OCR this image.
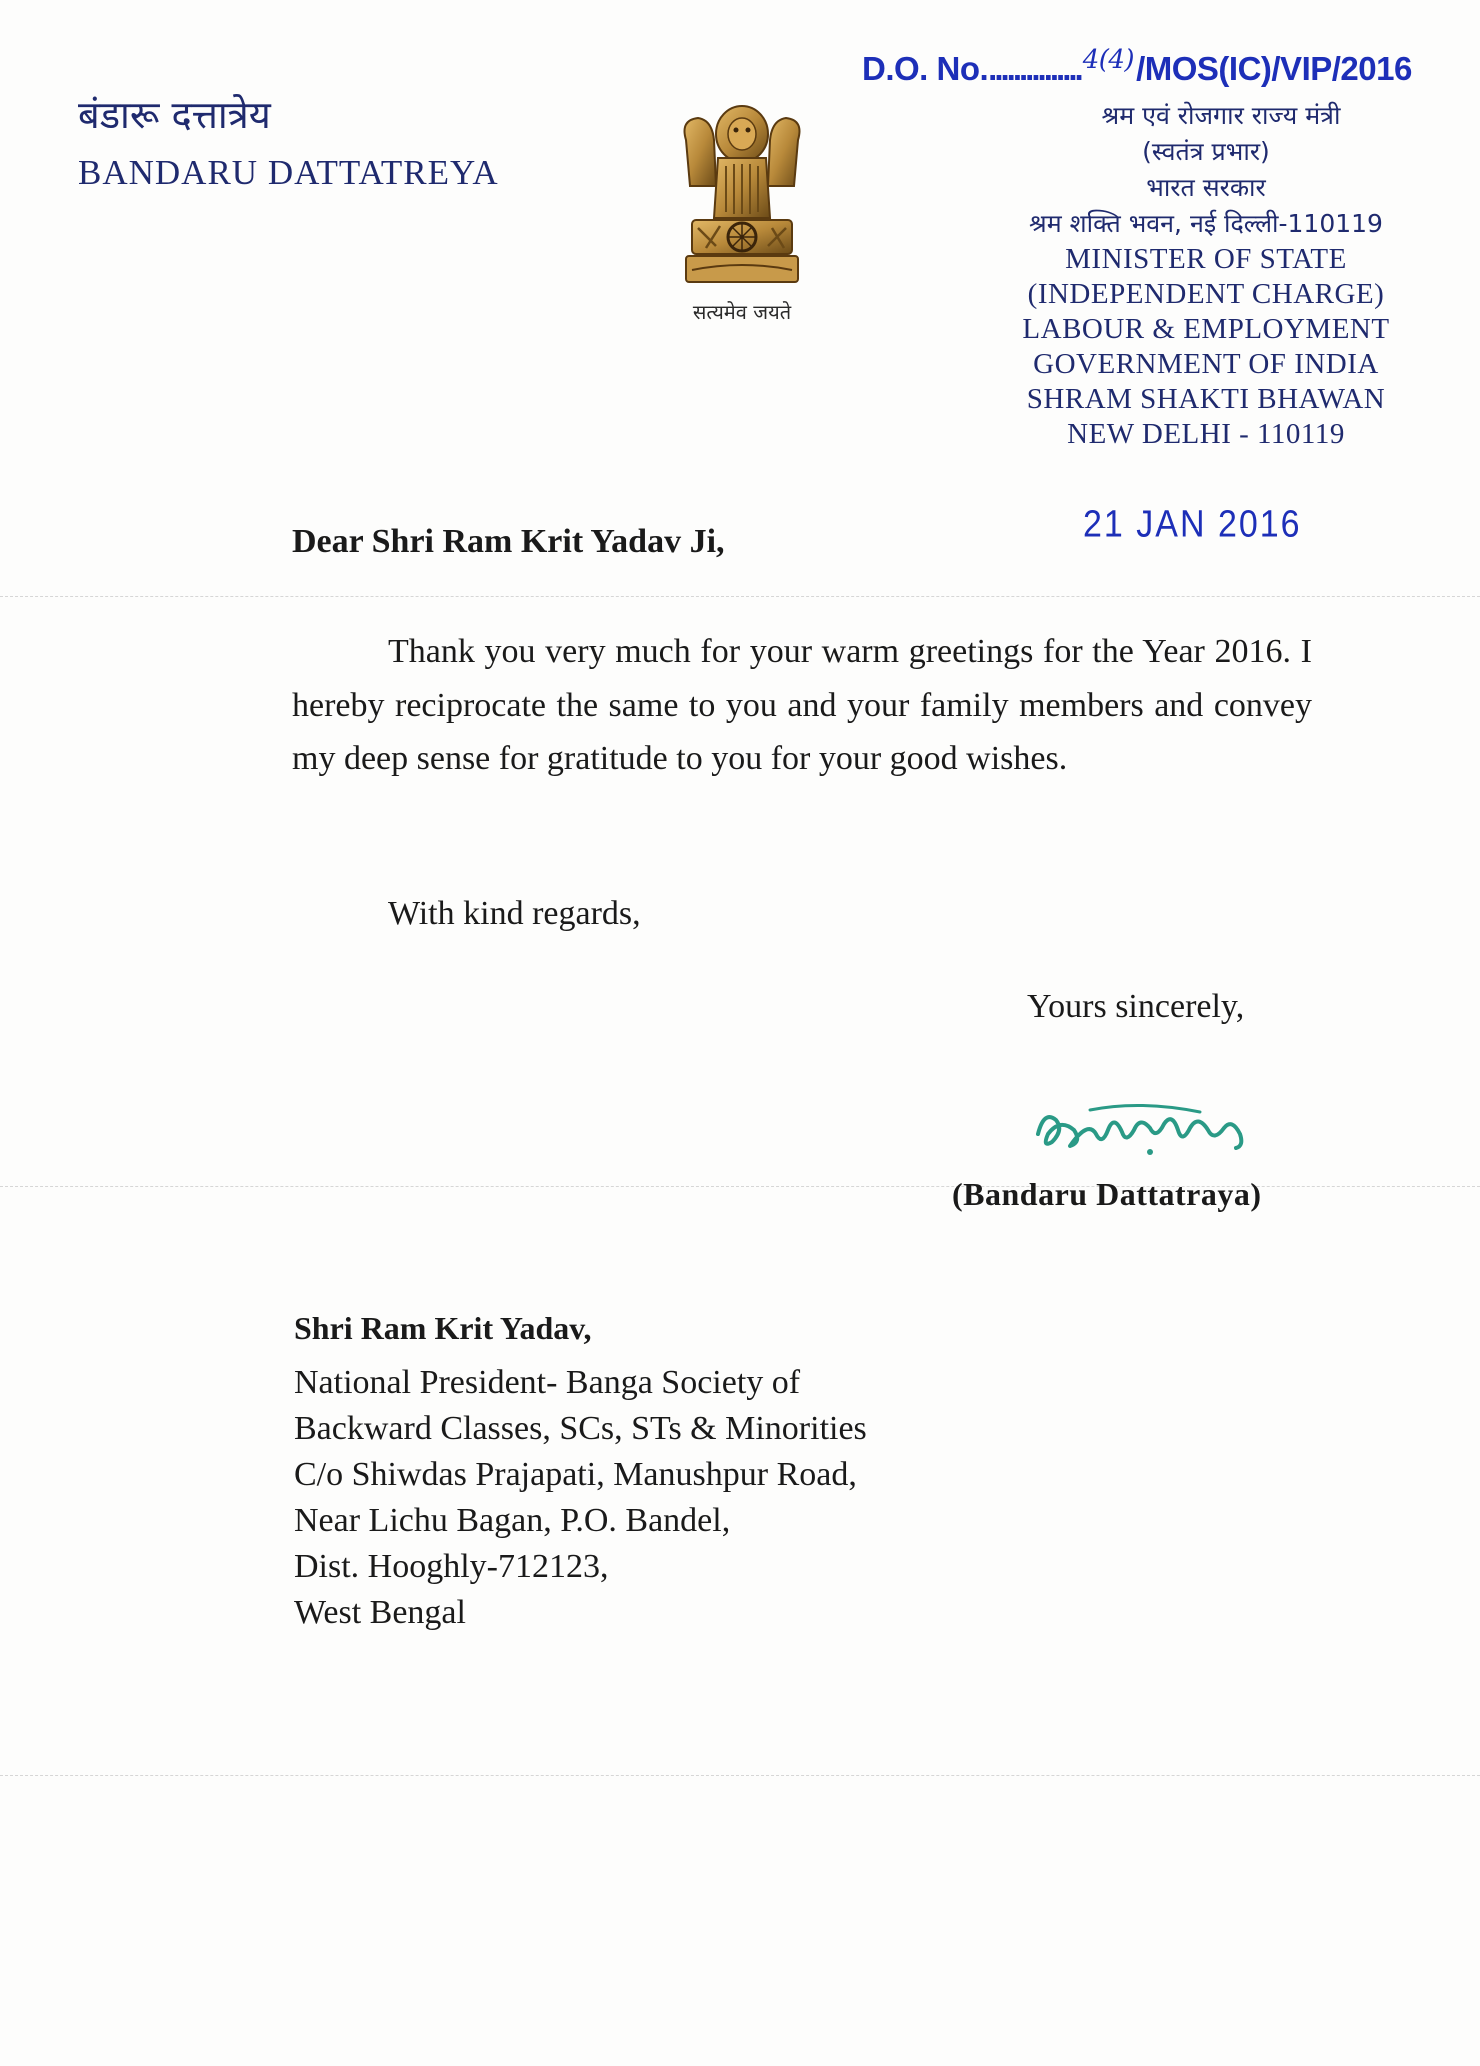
बंडारू दत्तात्रेय
BANDARU DATTATREYA
सत्यमेव जयते
D.O. No................$^{4(4)}$/MOS(IC)/VIP/2016
श्रम एवं रोजगार राज्य मंत्री
(स्वतंत्र प्रभार)
भारत सरकार
श्रम शक्ति भवन, नई दिल्ली-110119
MINISTER OF STATE
(INDEPENDENT CHARGE)
LABOUR & EMPLOYMENT
GOVERNMENT OF INDIA
SHRAM SHAKTI BHAWAN
NEW DELHI - 110119
21 JAN 2016
Dear Shri Ram Krit Yadav Ji,
Thank you very much for your warm greetings for the Year 2016. I hereby reciprocate the same to you and your family members and convey my deep sense for gratitude to you for your good wishes.
With kind regards,
Yours sincerely,
(Bandaru Dattatraya)
Shri Ram Krit Yadav,
National President- Banga Society of
Backward Classes, SCs, STs & Minorities
C/o Shiwdas Prajapati, Manushpur Road,
Near Lichu Bagan, P.O. Bandel,
Dist. Hooghly-712123,
West Bengal
